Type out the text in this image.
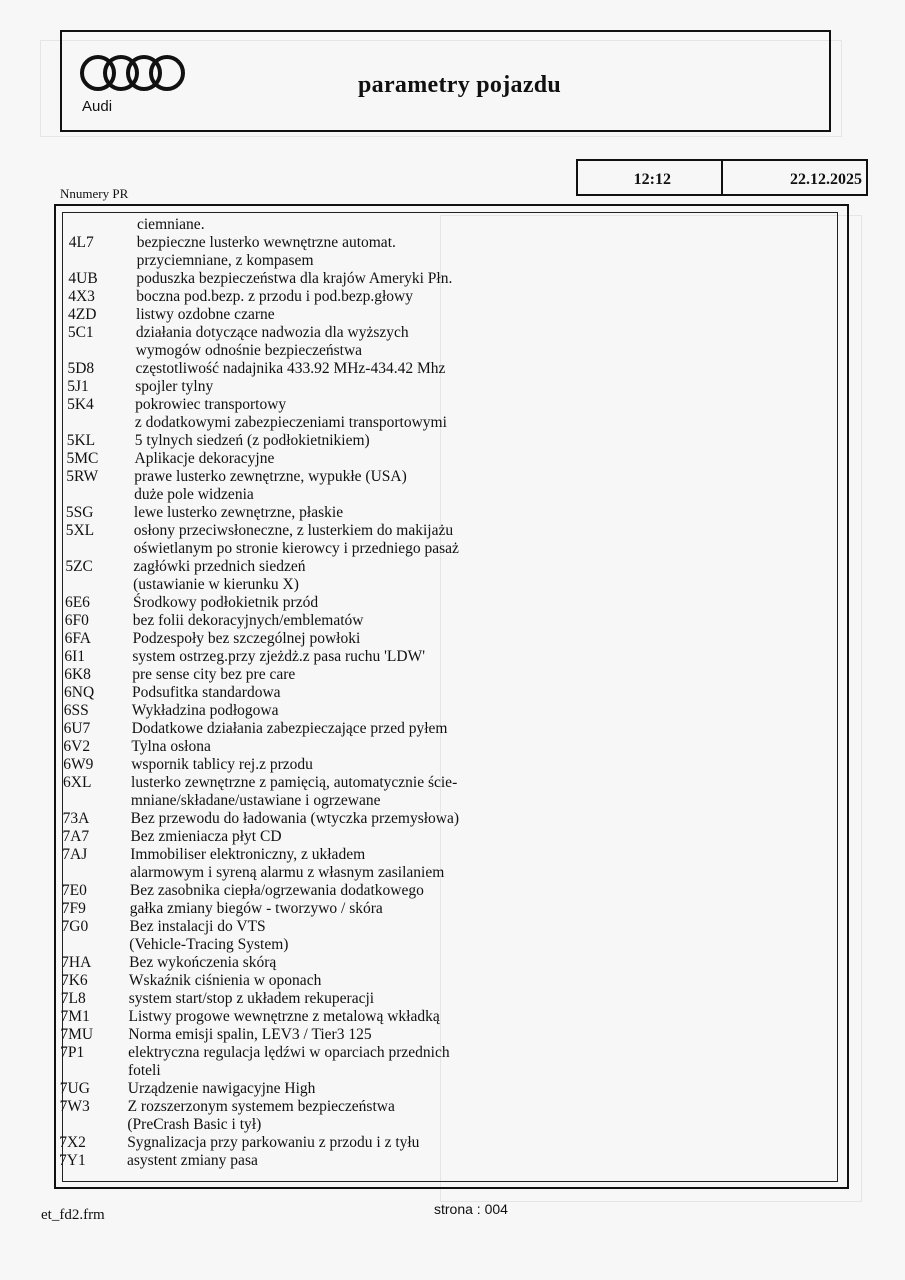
Audi
parametry pojazdu
12:12	22.12.2025
Nnumery PR
ciemniane.
4L7	bezpieczne lusterko wewnętrzne automat.
przyciemniane, z kompasem
4UB poduszka bezpieczeństwa dla krajów Ameryki Płn.
4X3	boczna pod.bezp. z przodu i pod.bezp.głowy
4ZD	listwy ozdobne czarne
5C1	działania dotyczące nadwozia dla wyższych
wymogów odnośnie bezpieczeństwa
5D8	częstotliwość nadajnika 433.92 MHz-434.42 Mhz
5J1	spojler tylny
5K4	pokrowiec transportowy
z dodatkowymi zabezpieczeniami transportowymi
5KL	5 tylnych siedzeń (z podłokietnikiem)
5MC Aplikacje dekoracyjne
5RW prawe lusterko zewnętrzne, wypukłe (USA)
duże pole widzenia
5SG	lewe lusterko zewnętrzne, płaskie
5XL	osłony przeciwsłoneczne, z lusterkiem do makijażu
oświetlanym po stronie kierowcy i przedniego pasaż
5ZC	zagłówki przednich siedzeń
(ustawianie w kierunku X)
6E6	Środkowy podłokietnik przód
6F0	bez folii dekoracyjnych/emblematów
6FA	Podzespoły bez szczególnej powłoki
6I1	system ostrzeg.przy zjeżdż.z pasa ruchu 'LDW'
6K8	pre sense city bez pre care
6NQ Podsufitka standardowa
6SS	Wykładzina podłogowa
6U7	Dodatkowe działania zabezpieczające przed pyłem
6V2	Tylna osłona
6W9 wspornik tablicy rej.z przodu
6XL	lusterko zewnętrzne z pamięcią, automatycznie ście-
mniane/składane/ustawiane i ogrzewane
73A	Bez przewodu do ładowania (wtyczka przemysłowa)
7A7	Bez zmieniacza płyt CD
7AJ	Immobiliser elektroniczny, z układem
alarmowym i syreną alarmu z własnym zasilaniem
7E0	Bez zasobnika ciepła/ogrzewania dodatkowego
7F9	gałka zmiany biegów - tworzywo / skóra
7G0	Bez instalacji do VTS
(Vehicle-Tracing System)
7HA Bez wykończenia skórą
7K6	Wskaźnik ciśnienia w oponach
7L8	system start/stop z układem rekuperacji
7M1 Listwy progowe wewnętrzne z metalową wkładką
7MU Norma emisji spalin, LEV3 / Tier3 125
7P1	elektryczna regulacja lędźwi w oparciach przednich
foteli
7UG Urządzenie nawigacyjne High
7W3 Z rozszerzonym systemem bezpieczeństwa
(PreCrash Basic i tył)
7X2	Sygnalizacja przy parkowaniu z przodu i z tyłu
7Y1	asystent zmiany pasa
et_fd2.frm	strona : 004
